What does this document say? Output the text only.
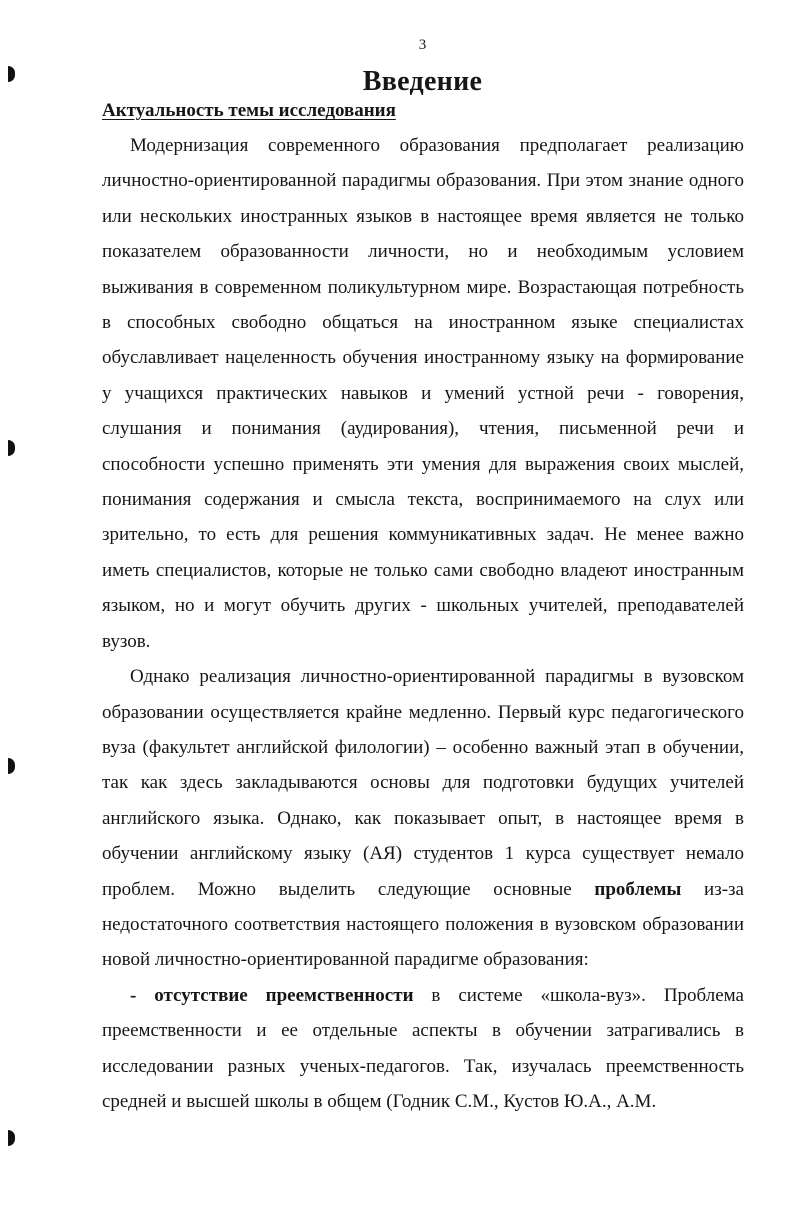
3
Введение
Актуальность темы исследования

Модернизация современного образования предполагает реализацию личностно-ориентированной парадигмы образования. При этом знание одного или нескольких иностранных языков в настоящее время является не только показателем образованности личности, но и необходимым условием выживания в современном поликультурном мире. Возрастающая потребность в способных свободно общаться на иностранном языке специалистах обуславливает нацеленность обучения иностранному языку на формирование у учащихся практических навыков и умений устной речи - говорения, слушания и понимания (аудирования), чтения, письменной речи и способности успешно применять эти умения для выражения своих мыслей, понимания содержания и смысла текста, воспринимаемого на слух или зрительно, то есть для решения коммуникативных задач. Не менее важно иметь специалистов, которые не только сами свободно владеют иностранным языком, но и могут обучить других - школьных учителей, преподавателей вузов.

Однако реализация личностно-ориентированной парадигмы в вузовском образовании осуществляется крайне медленно. Первый курс педагогического вуза (факультет английской филологии) – особенно важный этап в обучении, так как здесь закладываются основы для подготовки будущих учителей английского языка. Однако, как показывает опыт, в настоящее время в обучении английскому языку (АЯ) студентов 1 курса существует немало проблем. Можно выделить следующие основные проблемы из-за недостаточного соответствия настоящего положения в вузовском образовании новой личностно-ориентированной парадигме образования:

- отсутствие преемственности в системе «школа-вуз». Проблема преемственности и ее отдельные аспекты в обучении затрагивались в исследовании разных ученых-педагогов. Так, изучалась преемственность средней и высшей школы в общем (Годник С.М., Кустов Ю.А., А.М.
